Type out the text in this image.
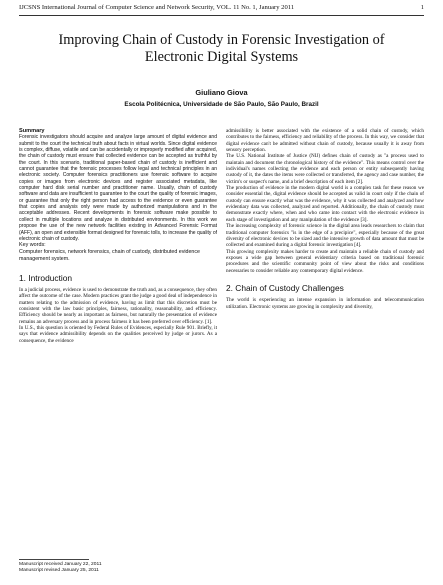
IJCSNS International Journal of Computer Science and Network Security, VOL. 11 No. 1, January 2011	1
Improving Chain of Custody in Forensic Investigation of Electronic Digital Systems
Giuliano Giova
Escola Politécnica, Universidade de São Paulo, São Paulo, Brazil

Summary

Forensic investigators should acquire and analyze large amount of digital evidence and submit to the court the technical truth about facts in virtual worlds. Since digital evidence is complex, diffuse, volatile and can be accidentally or improperly modified after acquired, the chain of custody must ensure that collected evidence can be accepted as truthful by the court. In this scenario, traditional paper-based chain of custody is inefficient and cannot guarantee that the forensic processes follow legal and technical principles in an electronic society. Computer forensics practitioners use forensic software to acquire copies or images from electronic devices and register associated metadata, like computer hard disk serial number and practitioner name. Usually, chain of custody software and data are insufficient to guarantee to the court the quality of forensic images, or guarantee that only the right person had access to the evidence or even guarantee that copies and analysis only were made by authorized manipulations and in the acceptable addresses. Recent developments in forensic software make possible to collect in multiple locations and analyze in distributed environments. In this work we propose the use of the new network facilities existing in Advanced Forensic Format (AFF), an open and extensible format designed for forensic tolls, to increase the quality of electronic chain of custody.

Key words:

Computer forensics, network forensics, chain of custody, distributed evidence management system.

1. Introduction

In a judicial process, evidence is used to demonstrate the truth and, as a consequence, they often affect the outcome of the case. Modern practices grant the judge a good deal of independence in matters relating to the admission of evidence, having as limit that this discretion must be consistent with the law basic principles, fairness, rationality, reasonability, and efficiency. Efficiency should be nearly as important as fairness, but naturally the presentation of evidence remains an adversary process and in process fairness it has been preferred over efficiency. [1].

In U.S., this question is oriented by Federal Rules of Evidences, especially Rule 901. Briefly, it says that evidence admissibility depends on the qualities perceived by judge or jurors. As a consequence, the evidence

admissibility is better associated with the existence of a solid chain of custody, which contributes to the fairness, efficiency and reliability of the process. In this way, we consider that digital evidence can't be admitted without chain of custody, because usually it is away from sensory perception.

The U.S. National Institute of Justice (NIJ) defines chain of custody as "a process used to maintain and document the chronological history of the evidence". This means control over the individual's names collecting the evidence and each person or entity subsequently having custody of it, the dates the items were collected or transferred, the agency and case number, the victim's or suspect's name, and a brief description of each item [2].

The production of evidence in the modern digital world is a complex task for these reason we consider essential the, digital evidence should be accepted as valid in court only if the chain of custody can ensure exactly what was the evidence, why it was collected and analyzed and how evidentiary data was collected, analyzed and reported. Additionally, the chain of custody must demonstrate exactly where, when and who came into contact with the electronic evidence in each stage of investigation and any manipulation of the evidence [3].

The increasing complexity of forensic science in the digital area leads researchers to claim that traditional computer forensics "is in the edge of a precipice", especially because of the great diversity of electronic devices to be sized and the intensive growth of data amount that must be collected and examined during a digital forensic investigation [4].

This growing complexity makes harder to create and maintain a reliable chain of custody and exposes a wide gap between general evidentiary criteria based on traditional forensic procedures and the scientific community point of view about the risks and conditions necessaries to consider reliable any contemporary digital evidence.

2. Chain of Custody Challenges

The world is experiencing an intense expansion in information and telecommunication utilization. Electronic systems are growing in complexity and diversity,

Manuscript received January 22, 2011
Manuscript revised January 25, 2011
